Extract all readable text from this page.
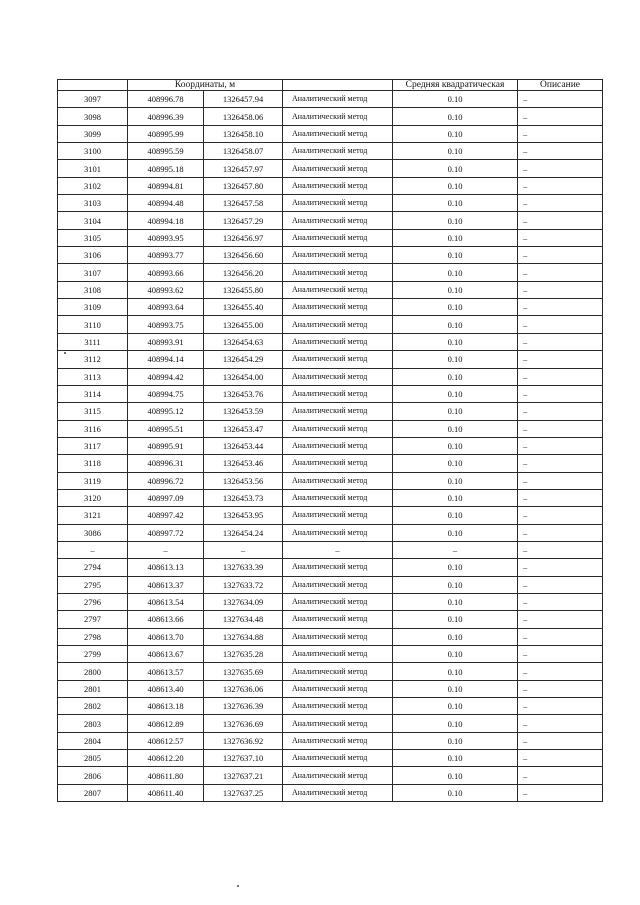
	Координаты, м			Средняя квадратическая	Описание
3097	408996.78	1326457.94	Аналитический метод	0.10	–
3098	408996.39	1326458.06	Аналитический метод	0.10	–
3099	408995.99	1326458.10	Аналитический метод	0.10	–
3100	408995.59	1326458.07	Аналитический метод	0.10	–
3101	408995.18	1326457.97	Аналитический метод	0.10	–
3102	408994.81	1326457.80	Аналитический метод	0.10	–
3103	408994.48	1326457.58	Аналитический метод	0.10	–
3104	408994.18	1326457.29	Аналитический метод	0.10	–
3105	408993.95	1326456.97	Аналитический метод	0.10	–
3106	408993.77	1326456.60	Аналитический метод	0.10	–
3107	408993.66	1326456.20	Аналитический метод	0.10	–
3108	408993.62	1326455.80	Аналитический метод	0.10	–
3109	408993.64	1326455.40	Аналитический метод	0.10	–
3110	408993.75	1326455.00	Аналитический метод	0.10	–
3111	408993.91	1326454.63	Аналитический метод	0.10	–
3112	408994.14	1326454.29	Аналитический метод	0.10	–
3113	408994.42	1326454.00	Аналитический метод	0.10	–
3114	408994.75	1326453.76	Аналитический метод	0.10	–
3115	408995.12	1326453.59	Аналитический метод	0.10	–
3116	408995.51	1326453.47	Аналитический метод	0.10	–
3117	408995.91	1326453.44	Аналитический метод	0.10	–
3118	408996.31	1326453.46	Аналитический метод	0.10	–
3119	408996.72	1326453.56	Аналитический метод	0.10	–
3120	408997.09	1326453.73	Аналитический метод	0.10	–
3121	408997.42	1326453.95	Аналитический метод	0.10	–
3086	408997.72	1326454.24	Аналитический метод	0.10	–
–	–	–	–	–	–
2794	408613.13	1327633.39	Аналитический метод	0.10	–
2795	408613.37	1327633.72	Аналитический метод	0.10	–
2796	408613.54	1327634.09	Аналитический метод	0.10	–
2797	408613.66	1327634.48	Аналитический метод	0.10	–
2798	408613.70	1327634.88	Аналитический метод	0.10	–
2799	408613.67	1327635.28	Аналитический метод	0.10	–
2800	408613.57	1327635.69	Аналитический метод	0.10	–
2801	408613.40	1327636.06	Аналитический метод	0.10	–
2802	408613.18	1327636.39	Аналитический метод	0.10	–
2803	408612.89	1327636.69	Аналитический метод	0.10	–
2804	408612.57	1327636.92	Аналитический метод	0.10	–
2805	408612.20	1327637.10	Аналитический метод	0.10	–
2806	408611.80	1327637.21	Аналитический метод	0.10	–
2807	408611.40	1327637.25	Аналитический метод	0.10	–
